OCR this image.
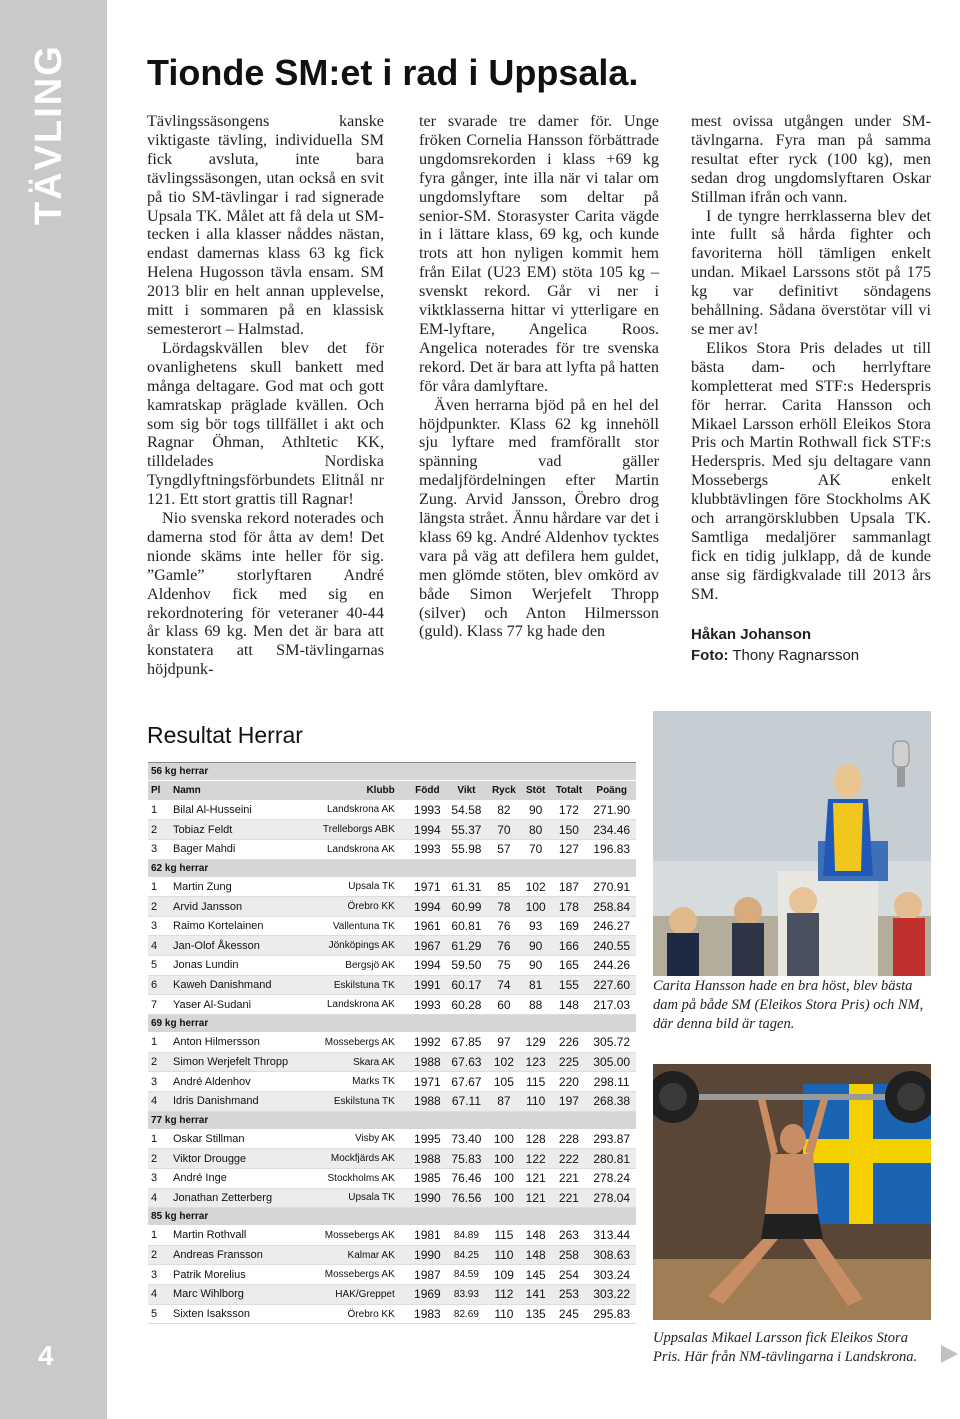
TÄVLING
4
Tionde SM:et i rad i Uppsala.

Tävlingssäsongens kanske viktigaste tävling, individuella SM fick avsluta, inte bara tävlingssäsongen, utan också en svit på tio SM-tävlingar i rad signerade Upsala TK. Målet att få dela ut SM-tecken i alla klasser nåddes nästan, endast damernas klass 63 kg fick Helena Hugosson tävla ensam. SM 2013 blir en helt annan upplevelse, mitt i sommaren på en klassisk semesterort – Halmstad.

Lördagskvällen blev det för ovanlighetens skull bankett med många deltagare. God mat och gott kamratskap präglade kvällen. Och som sig bör togs tillfället i akt och Ragnar Öhman, Athltetic KK, tilldelades Nordiska Tyngdlyftningsförbundets Elitnål nr 121. Ett stort grattis till Ragnar!

Nio svenska rekord noterades och damerna stod för åtta av dem! Det nionde skäms inte heller för sig. ”Gamle” storlyftaren André Aldenhov fick med sig en rekordnotering för veteraner 40-44 år klass 69 kg. Men det är bara att konstatera att SM-tävlingarnas höjdpunk-

ter svarade tre damer för. Unge fröken Cornelia Hansson förbättrade ungdomsrekorden i klass +69 kg fyra gånger, inte illa när vi talar om ungdomslyftare som deltar på senior-SM. Storasyster Carita vägde in i lättare klass, 69 kg, och kunde trots att hon nyligen kommit hem från Eilat (U23 EM) stöta 105 kg – svenskt rekord. Går vi ner i viktklasserna hittar vi ytterligare en EM-lyftare, Angelica Roos. Angelica noterades för tre svenska rekord. Det är bara att lyfta på hatten för våra damlyftare.

Även herrarna bjöd på en hel del höjdpunkter. Klass 62 kg innehöll sju lyftare med framförallt stor spänning vad gäller medaljfördelningen efter Martin Zung. Arvid Jansson, Örebro drog längsta strået. Ännu hårdare var det i klass 69 kg. André Aldenhov tycktes vara på väg att defilera hem guldet, men glömde stöten, blev omkörd av både Simon Werjefelt Thropp (silver) och Anton Hilmersson (guld). Klass 77 kg hade den

mest ovissa utgången under SM-tävlngarna. Fyra man på samma resultat efter ryck (100 kg), men sedan drog ungdomslyftaren Oskar Stillman ifrån och vann.

I de tyngre herrklasserna blev det inte fullt så hårda fighter och favoriterna höll tämligen enkelt undan. Mikael Larssons stöt på 175 kg var definitivt söndagens behållning. Sådana överstötar vill vi se mer av!

Elikos Stora Pris delades ut till bästa dam- och herrlyftare kompletterat med STF:s Hederspris för herrar. Carita Hansson och Mikael Larsson erhöll Eleikos Stora Pris och Martin Rothwall fick STF:s Hederspris. Med sju deltagare vann Mossebergs AK enkelt klubbtävlingen före Stockholms AK och arrangörsklubben Upsala TK. Samtliga medaljörer sammanlagt fick en tidig julklapp, då de kunde anse sig färdigkvalade till 2013 års SM.

Håkan Johanson
Foto: Thony Ragnarsson

Resultat Herrar
56 kg herrar								
Pl	Namn	Klubb	Född	Vikt	Ryck	Stöt	Totalt	Poäng
1	Bilal Al-Husseini	Landskrona AK	1993	54.58	82	90	172	271.90
2	Tobiaz Feldt	Trelleborgs ABK	1994	55.37	70	80	150	234.46
3	Bager Mahdi	Landskrona AK	1993	55.98	57	70	127	196.83
62 kg herrar								
1	Martin Zung	Upsala TK	1971	61.31	85	102	187	270.91
2	Arvid Jansson	Örebro KK	1994	60.99	78	100	178	258.84
3	Raimo Kortelainen	Vallentuna TK	1961	60.81	76	93	169	246.27
4	Jan-Olof Åkesson	Jönköpings AK	1967	61.29	76	90	166	240.55
5	Jonas Lundin	Bergsjö AK	1994	59.50	75	90	165	244.26
6	Kaweh Danishmand	Eskilstuna TK	1991	60.17	74	81	155	227.60
7	Yaser Al-Sudani	Landskrona AK	1993	60.28	60	88	148	217.03
69 kg herrar								
1	Anton Hilmersson	Mossebergs AK	1992	67.85	97	129	226	305.72
2	Simon Werjefelt Thropp	Skara AK	1988	67.63	102	123	225	305.00
3	André Aldenhov	Marks TK	1971	67.67	105	115	220	298.11
4	Idris Danishmand	Eskilstuna TK	1988	67.11	87	110	197	268.38
77 kg herrar								
1	Oskar Stillman	Visby AK	1995	73.40	100	128	228	293.87
2	Viktor Drougge	Mockfjärds AK	1988	75.83	100	122	222	280.81
3	André Inge	Stockholms AK	1985	76.46	100	121	221	278.24
4	Jonathan Zetterberg	Upsala TK	1990	76.56	100	121	221	278.04
85 kg herrar								
1	Martin Rothvall	Mossebergs AK	1981	84.89	115	148	263	313.44
2	Andreas Fransson	Kalmar AK	1990	84.25	110	148	258	308.63
3	Patrik Morelius	Mossebergs AK	1987	84.59	109	145	254	303.24
4	Marc Wihlborg	HAK/Greppet	1969	83.93	112	141	253	303.22
5	Sixten Isaksson	Örebro KK	1983	82.69	110	135	245	295.83

Carita Hansson hade en bra höst, blev bästa dam på både SM (Eleikos Stora Pris) och NM, där denna bild är tagen.

Uppsalas Mikael Larsson fick Eleikos Stora Pris. Här från NM-tävlingarna i Landskrona.
